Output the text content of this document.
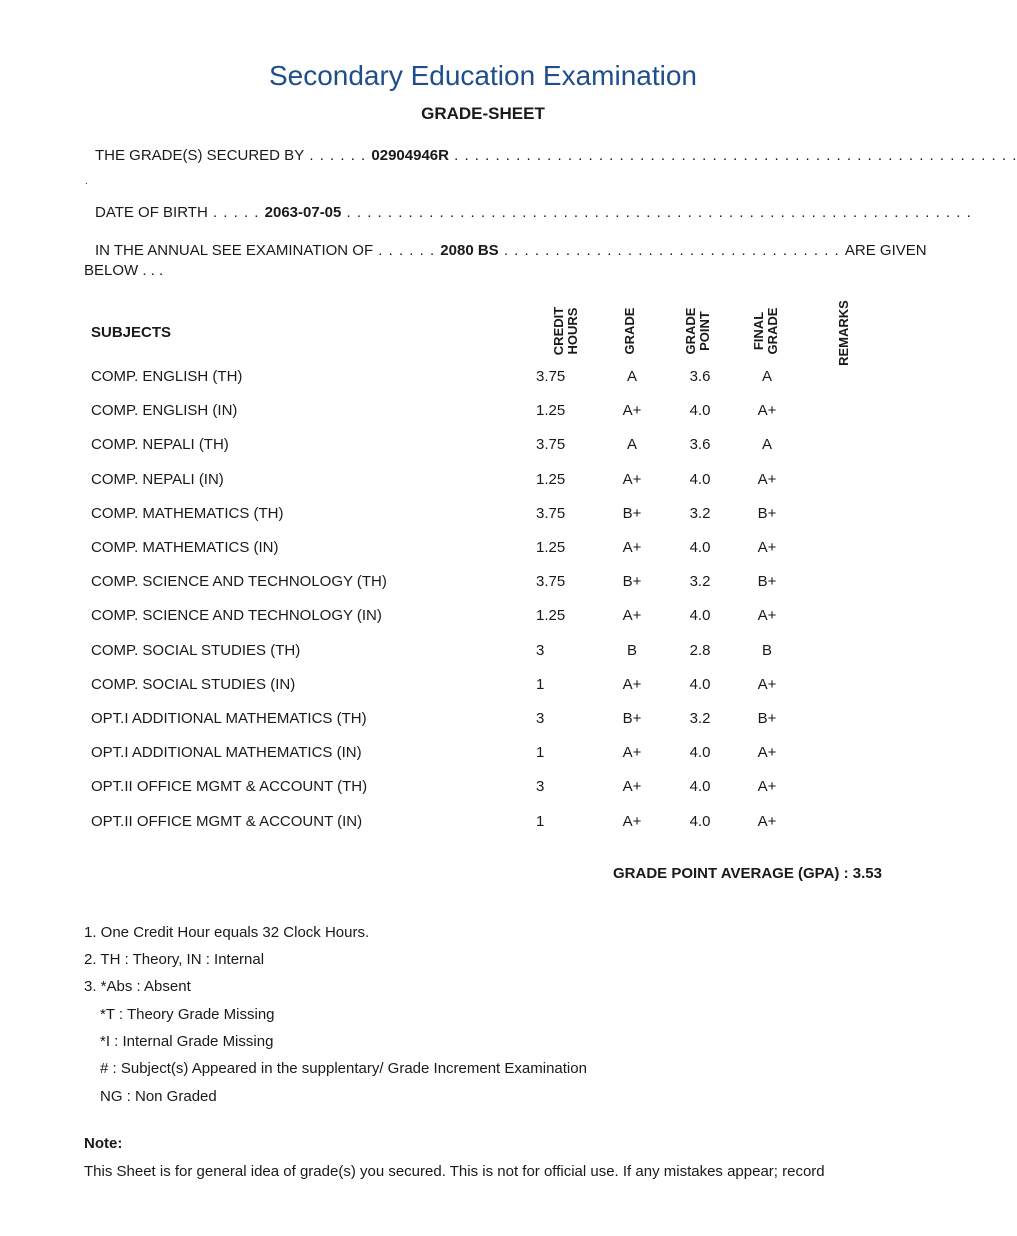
Secondary Education Examination
GRADE-SHEET
THE GRADE(S) SECURED BY . . . . . . 02904946R . . . . . . . . . . . . . . . . . . . . . . . . . . . . . . . . . . . . . . . . . . . . . . . . . . . . . . .
.
DATE OF BIRTH . . . . . 2063-07-05 . . . . . . . . . . . . . . . . . . . . . . . . . . . . . . . . . . . . . . . . . . . . . . . . . . . . . . . . . . . . .
IN THE ANNUAL SEE EXAMINATION OF . . . . . . 2080 BS . . . . . . . . . . . . . . . . . . . . . . . . . . . . . . . . . ARE GIVEN
BELOW . . .
SUBJECTS	CREDIT HOURS	GRADE	GRADE POINT	FINAL GRADE	REMARKS
COMP. ENGLISH (TH)	3.75	A	3.6	A
COMP. ENGLISH (IN)	1.25	A+	4.0	A+
COMP. NEPALI (TH)	3.75	A	3.6	A
COMP. NEPALI (IN)	1.25	A+	4.0	A+
COMP. MATHEMATICS (TH)	3.75	B+	3.2	B+
COMP. MATHEMATICS (IN)	1.25	A+	4.0	A+
COMP. SCIENCE AND TECHNOLOGY (TH)	3.75	B+	3.2	B+
COMP. SCIENCE AND TECHNOLOGY (IN)	1.25	A+	4.0	A+
COMP. SOCIAL STUDIES (TH)	3	B	2.8	B
COMP. SOCIAL STUDIES (IN)	1	A+	4.0	A+
OPT.I ADDITIONAL MATHEMATICS (TH)	3	B+	3.2	B+
OPT.I ADDITIONAL MATHEMATICS (IN)	1	A+	4.0	A+
OPT.II OFFICE MGMT & ACCOUNT (TH)	3	A+	4.0	A+
OPT.II OFFICE MGMT & ACCOUNT (IN)	1	A+	4.0	A+
GRADE POINT AVERAGE (GPA) : 3.53
1. One Credit Hour equals 32 Clock Hours.
2. TH : Theory, IN : Internal
3. *Abs : Absent
*T : Theory Grade Missing
*I : Internal Grade Missing
# : Subject(s) Appeared in the supplentary/ Grade Increment Examination
NG : Non Graded
Note:
This Sheet is for general idea of grade(s) you secured. This is not for official use. If any mistakes appear; record
